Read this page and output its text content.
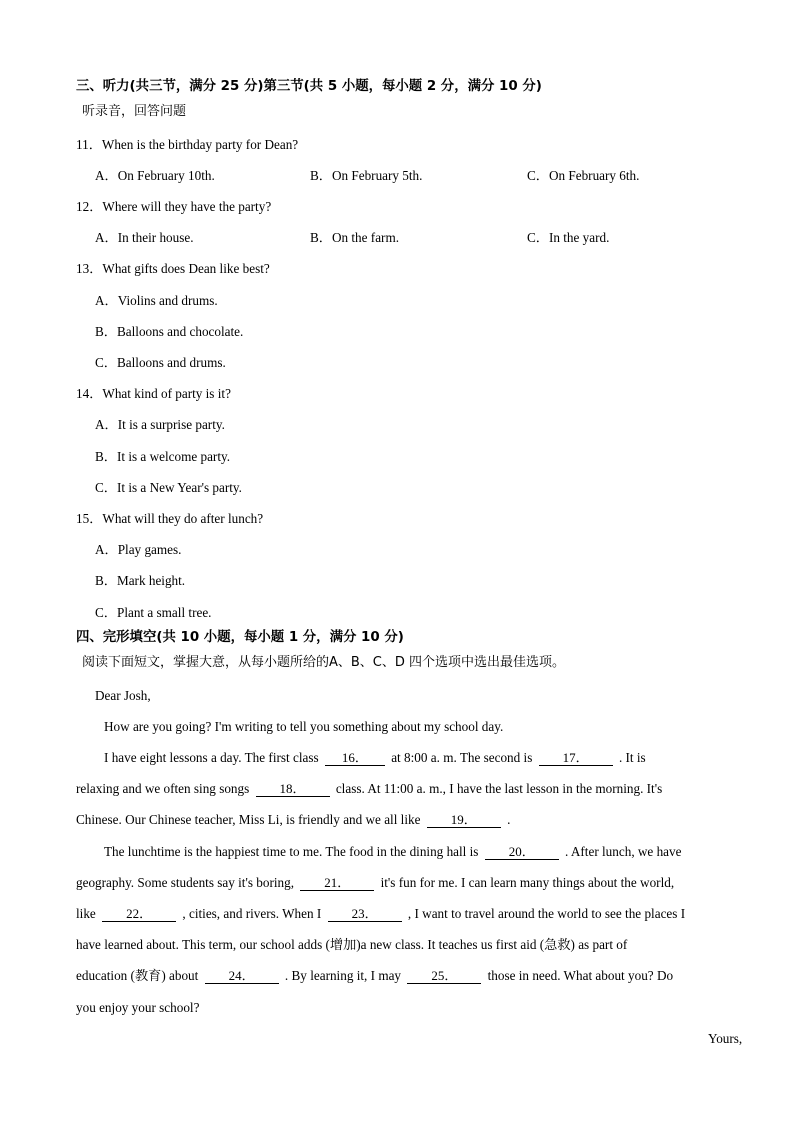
三、听力(共三节，满分 25 分)第三节(共 5 小题，每小题 2 分，满分 10 分)
听录音，回答问题
11．When is the birthday party for Dean?
A．On February 10th.	B．On February 5th.	C．On February 6th.
12．Where will they have the party?
A．In their house.	B．On the farm.	C．In the yard.
13．What gifts does Dean like best?
A．Violins and drums.
B．Balloons and chocolate.
C．Balloons and drums.
14．What kind of party is it?
A．It is a surprise party.
B．It is a welcome party.
C．It is a New Year's party.
15．What will they do after lunch?
A．Play games.
B．Mark height.
C．Plant a small tree.
四、完形填空(共 10 小题，每小题 1 分，满分 10 分)
阅读下面短文，掌握大意，从每小题所给的A、B、C、D 四个选项中选出最佳选项。
Dear Josh,
How are you going? I'm writing to tell you something about my school day.
I have eight lessons a day. The first class 16． at 8:00 a. m. The second is 17． . It is
relaxing and we often sing songs 18． class. At 11:00 a. m., I have the last lesson in the morning. It's
Chinese. Our Chinese teacher, Miss Li, is friendly and we all like 19． .
The lunchtime is the happiest time to me. The food in the dining hall is 20． . After lunch, we have
geography. Some students say it's boring, 21． it's fun for me. I can learn many things about the world,
like 22． , cities, and rivers. When I 23． , I want to travel around the world to see the places I
have learned about. This term, our school adds (增加)a new class. It teaches us first aid (急救) as part of
education (教育) about 24． . By learning it, I may 25． those in need. What about you? Do
you enjoy your school?
Yours,
